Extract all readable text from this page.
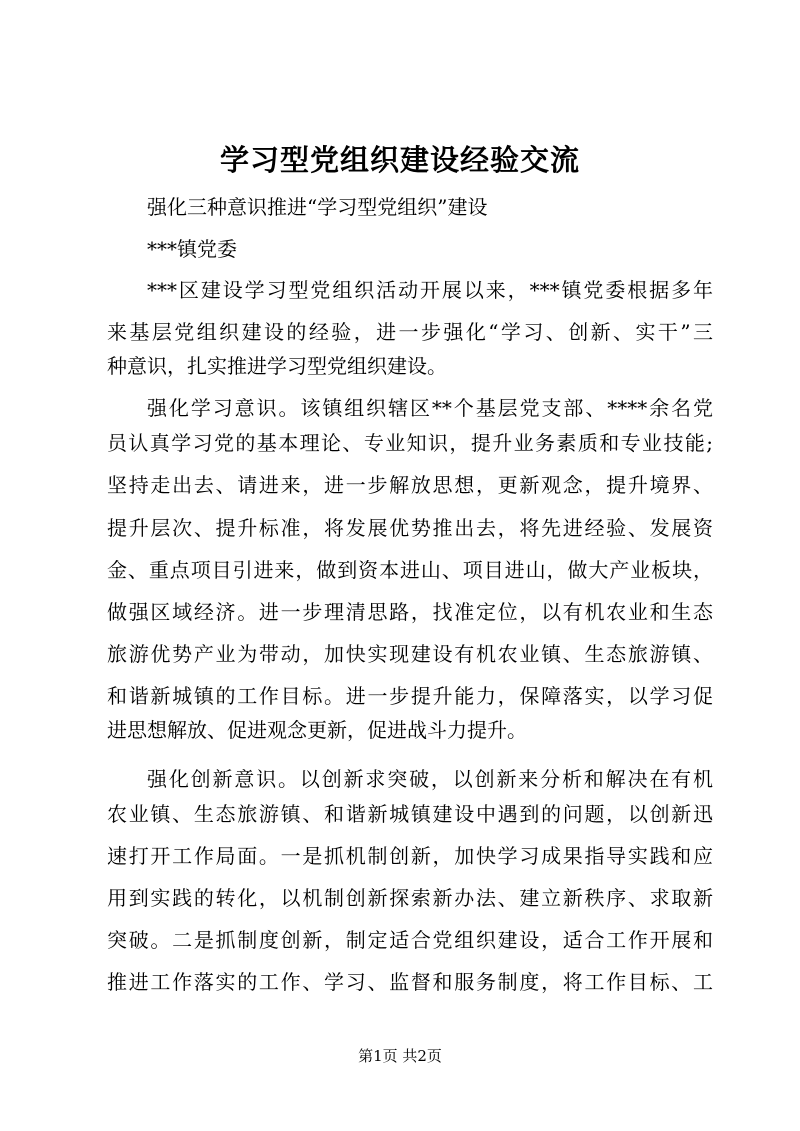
学习型党组织建设经验交流
强化三种意识推进“学习型党组织”建设
***镇党委
***区建设学习型党组织活动开展以来，***镇党委根据多年
来基层党组织建设的经验，进一步强化“学习、创新、实干”三
种意识，扎实推进学习型党组织建设。
强化学习意识。该镇组织辖区**个基层党支部、****余名党
员认真学习党的基本理论、专业知识，提升业务素质和专业技能;
坚持走出去、请进来，进一步解放思想，更新观念，提升境界、
提升层次、提升标准，将发展优势推出去，将先进经验、发展资
金、重点项目引进来，做到资本进山、项目进山，做大产业板块，
做强区域经济。进一步理清思路，找准定位，以有机农业和生态
旅游优势产业为带动，加快实现建设有机农业镇、生态旅游镇、
和谐新城镇的工作目标。进一步提升能力，保障落实，以学习促
进思想解放、促进观念更新，促进战斗力提升。
强化创新意识。以创新求突破，以创新来分析和解决在有机
农业镇、生态旅游镇、和谐新城镇建设中遇到的问题，以创新迅
速打开工作局面。一是抓机制创新，加快学习成果指导实践和应
用到实践的转化，以机制创新探索新办法、建立新秩序、求取新
突破。二是抓制度创新，制定适合党组织建设，适合工作开展和
推进工作落实的工作、学习、监督和服务制度，将工作目标、工
第1页 共2页
